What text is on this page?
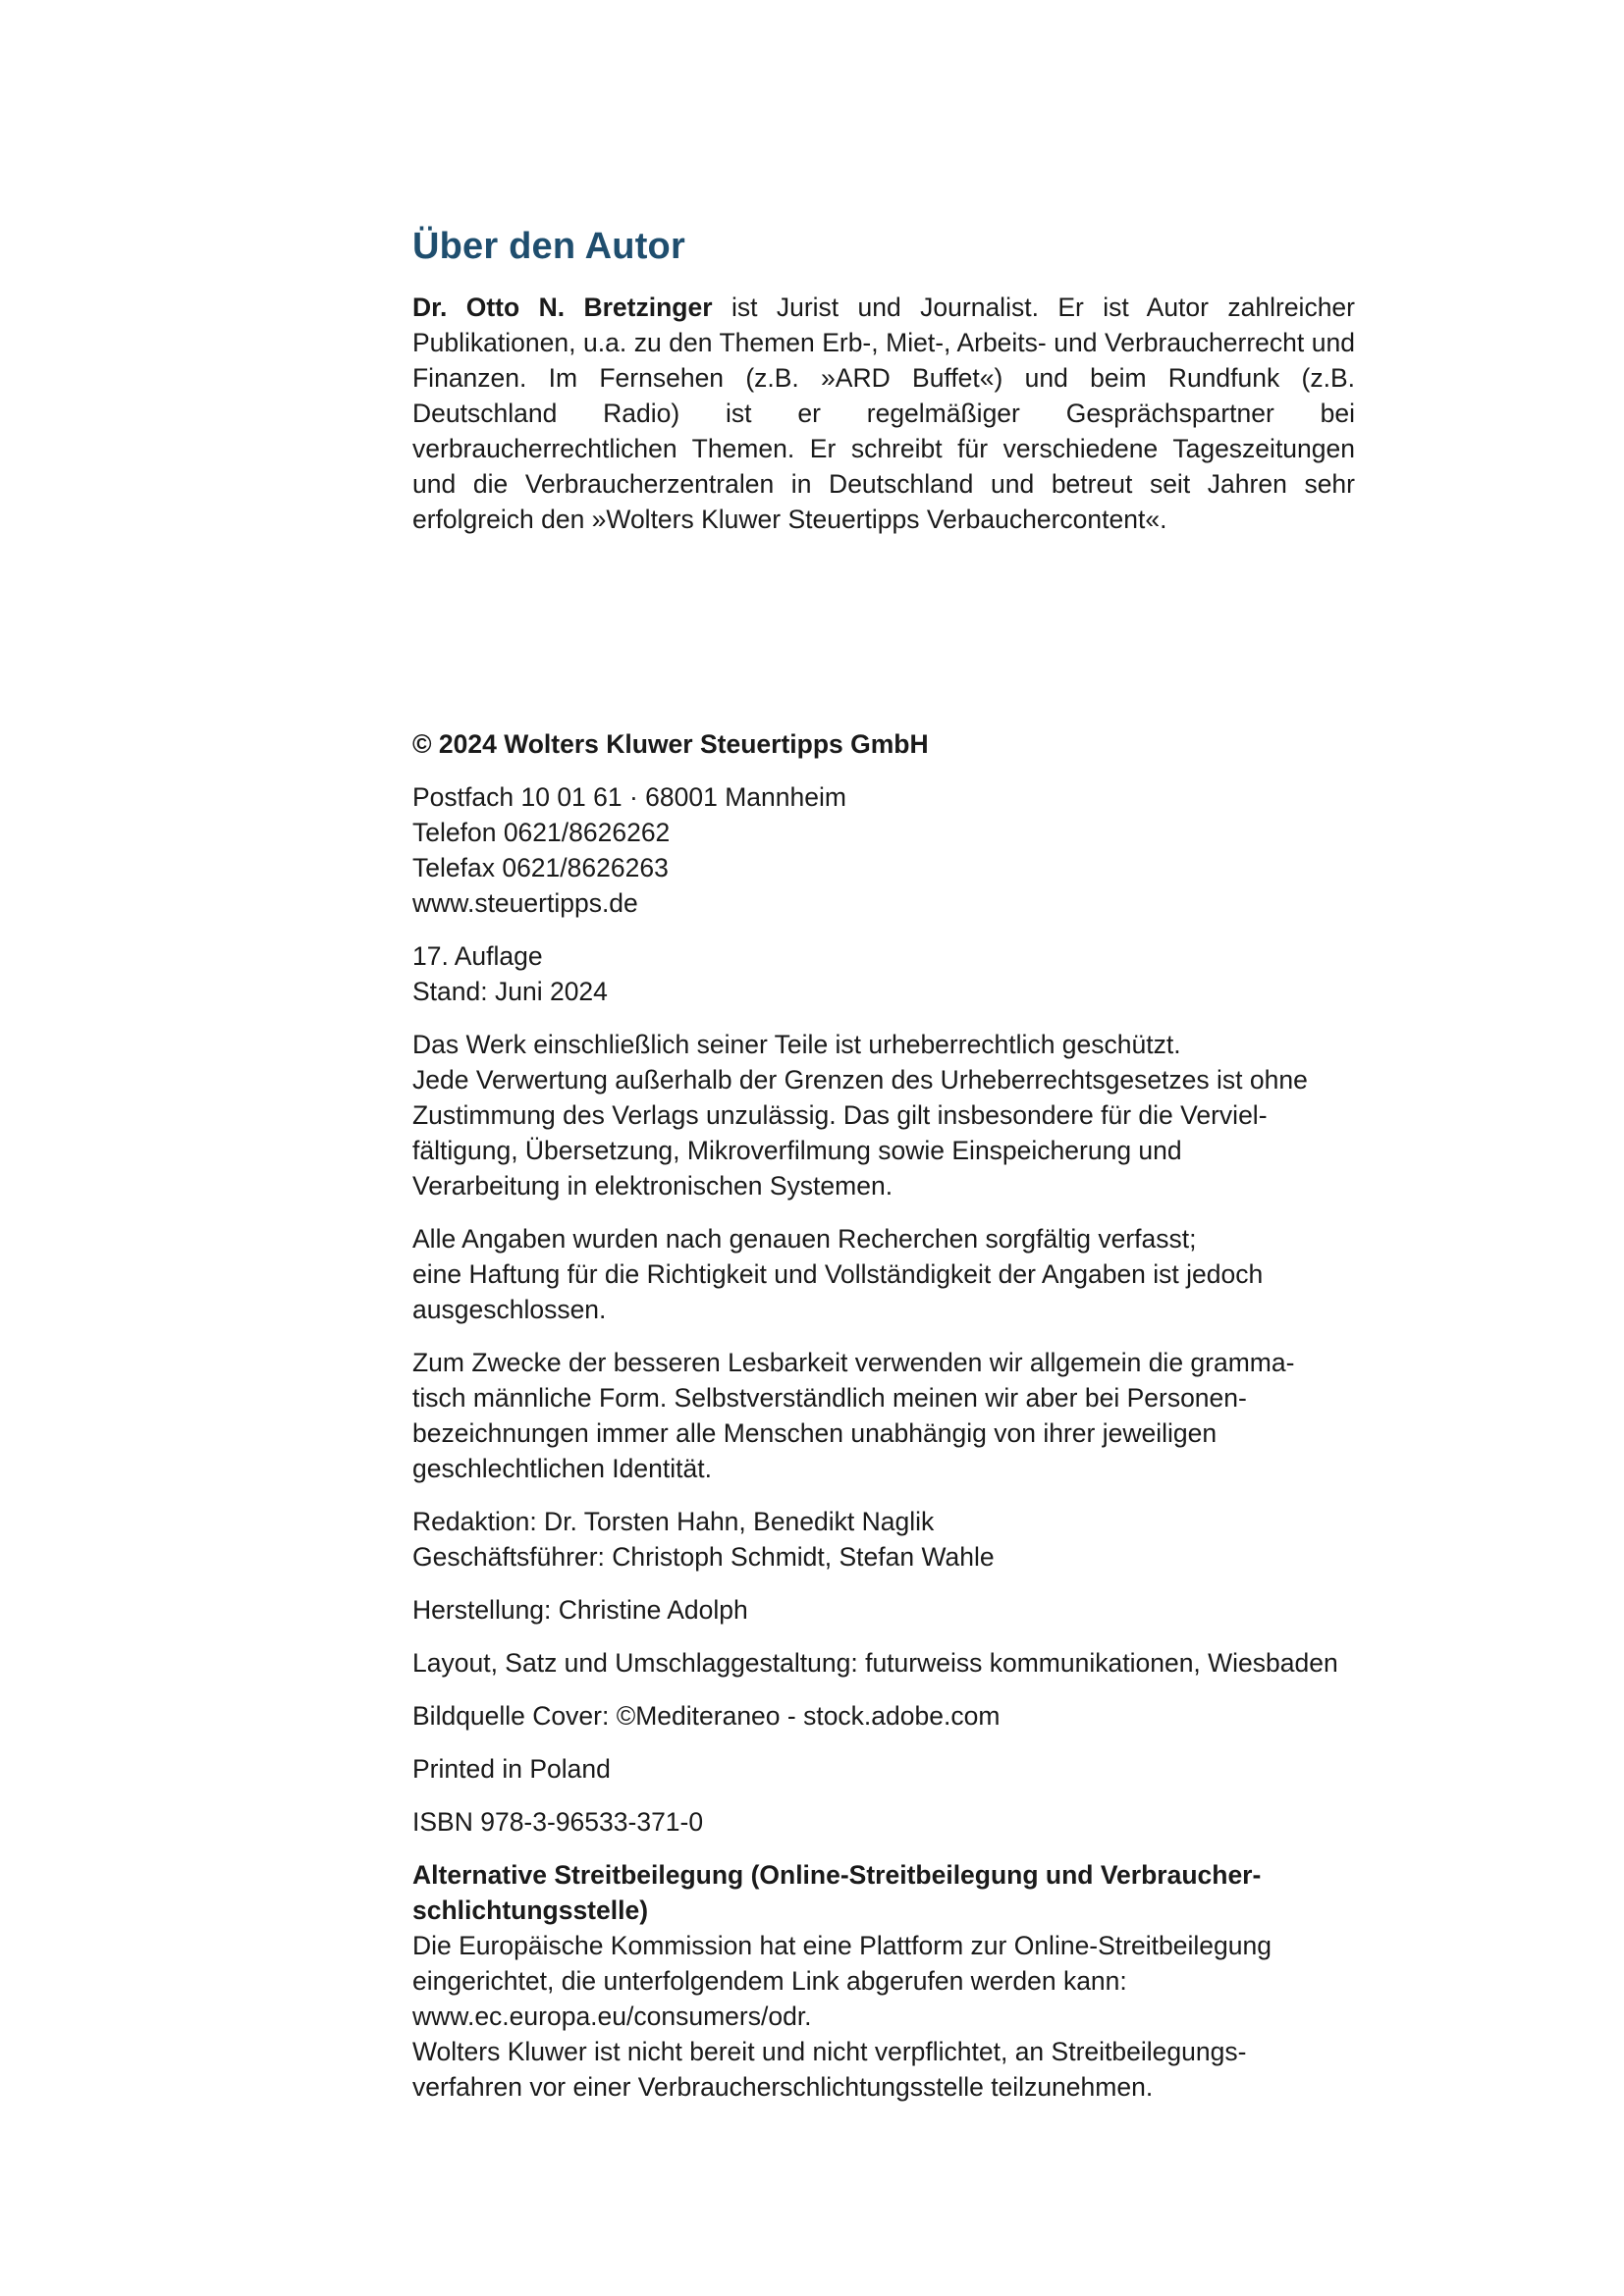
Über den Autor

Dr. Otto N. Bretzinger ist Jurist und Journalist. Er ist Autor zahlreicher Publikationen, u.a. zu den Themen Erb-, Miet-, Arbeits- und Verbraucherrecht und Finanzen. Im Fernsehen (z.B. »ARD Buffet«) und beim Rundfunk (z.B. Deutschland Radio) ist er regelmäßiger Gesprächspartner bei verbraucherrechtlichen Themen. Er schreibt für verschiedene Tageszeitungen und die Verbraucherzentralen in Deutschland und betreut seit Jahren sehr erfolgreich den »Wolters Kluwer Steuertipps Verbauchercontent«.

© 2024 Wolters Kluwer Steuertipps GmbH

Postfach 10 01 61 · 68001 Mannheim
Telefon 0621/8626262
Telefax 0621/8626263
www.steuertipps.de
17. Auflage
Stand: Juni 2024
Das Werk einschließlich seiner Teile ist urheberrechtlich geschützt.
Jede Verwertung außerhalb der Grenzen des Urheberrechtsgesetzes ist ohne
Zustimmung des Verlags unzulässig. Das gilt insbesondere für die Verviel-
fältigung, Übersetzung, Mikroverfilmung sowie Einspeicherung und
Verarbeitung in elektronischen Systemen.
Alle Angaben wurden nach genauen Recherchen sorgfältig verfasst;
eine Haftung für die Richtigkeit und Vollständigkeit der Angaben ist jedoch
ausgeschlossen.
Zum Zwecke der besseren Lesbarkeit verwenden wir allgemein die gramma-
tisch männliche Form. Selbstverständlich meinen wir aber bei Personen-
bezeichnungen immer alle Menschen unabhängig von ihrer jeweiligen
geschlechtlichen Identität.
Redaktion: Dr. Torsten Hahn, Benedikt Naglik
Geschäftsführer: Christoph Schmidt, Stefan Wahle

Herstellung: Christine Adolph

Layout, Satz und Umschlaggestaltung: futurweiss kommunikationen, Wiesbaden

Bildquelle Cover: ©Mediteraneo - stock.adobe.com

Printed in Poland

ISBN 978-3-96533-371-0

Alternative Streitbeilegung (Online-Streitbeilegung und Verbraucher-
schlichtungsstelle)
Die Europäische Kommission hat eine Plattform zur Online-Streitbeilegung
eingerichtet, die unterfolgendem Link abgerufen werden kann:
www.ec.europa.eu/consumers/odr.
Wolters Kluwer ist nicht bereit und nicht verpflichtet, an Streitbeilegungs-
verfahren vor einer Verbraucherschlichtungsstelle teilzunehmen.
